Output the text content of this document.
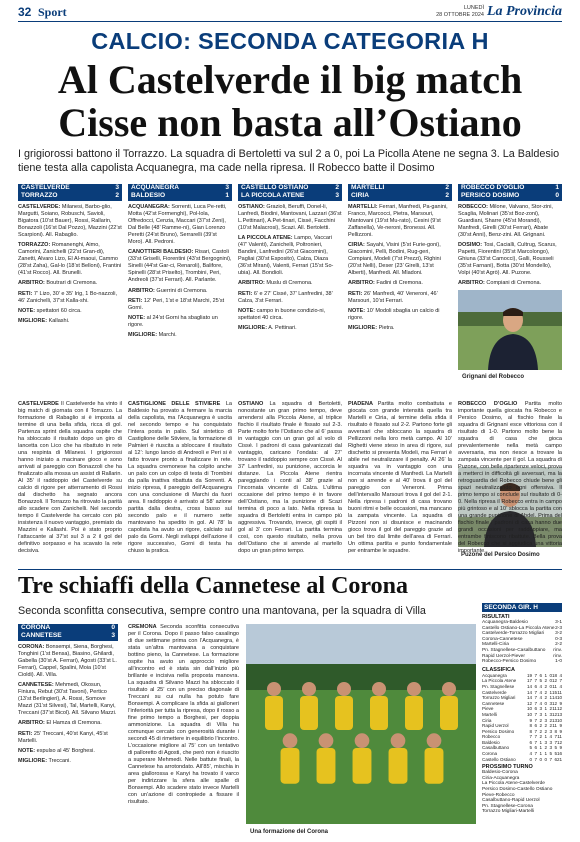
32 Sport	LUNEDÌ
28 OTTOBRE 2024 La Provincia
CALCIO: SECONDA CATEGORIA H
Al Castelverde il big match
Cisse non basta all’Ostiano
I grigiorossi battono il Torrazzo. La squadra di Bertoletti va sul 2 a 0, poi La Picolla Atene ne segna 3. La Baldesio tiene testa alla capolista Acquanegra, ma cade nella ripresa. Il Robecco batte il Dosimo
CASTELVERDE	3
TORRAZZO	2

CASTELVERDE: Milanesi, Barbo-glio, Margutti, Soiano, Robuschi, Savioli, Bigatora (10’st Bauer), Rossi, Rallarin, Bonazzoli (16’st Dal Pozzo), Mazzini (22’st Scarpioni). All. Rabaglio.

TORRAZZO: Romanenghi, Aimo, Camorini, Zanichelli (22’st Gran-di), Zanetti, Alvaro Lizo, El Al-maoui, Cammo (28’st Zaha), Gal-lo (18’st Belloni), Frantini (41’st Rocco). All. Brunelli.

ARBITRO: Boutrari di Cremona.

RETI: 7’ Lizo, 30’ e 35’ Irig, 1 Bo-nazzoli, 46’ Zanichelli, 37’st Kalla-shi.

NOTE: spettatori 60 circa.

MIGLIORE: Kallashi.

ACQUANEGRA	3
BALDESIO	1

ACQUANEGRA: Sorrenti, Luca Pe-retti, Motta (42’st Formenghi), Pol-lola, Offredocci, Cenzia, Maccari (37’st Zeni), Dal Belle (48’ Ramme-ni), Gian Lorenzo Peretti (24’st Bruno), Serrarelli (39’st Moro). All. Pedroni.

CANOTTIERI BALDESIO: Risari, Castoli (33’st Griselli, Fiorentini (43’st Bergognini), Sinelli (44’st Gar-ci, Renaroli), Balifore, Spinelli (28’st Priselto), Trombini, Peri, Andreoli (37’st Ferrari). All. Parlante.

ARBITRO: Guerrini di Cremona.

RETI: 12’ Peri, 1’st e 18’st Marchi, 25’st Gorni.

NOTE: al 24’st Gorni ha sbagliato un rigore.

MIGLIORE: Marchi.

CASTELLO OSTIANO	2
LA PICCOLA ATENE	3

OSTIANO: Grazioli, Beruffi, Donel-li, Lanfredi, Biodini, Mantovani, Lazzari (36’st L.Pettinari), A.Pet-tinari, Cissé, Facchini (10’st Malacrosi), Scazi. All. Bertoletti.

LA PICCOLA ATENE: Lampo, Vaccari (47’ Valenti), Zanichelli, Poltronieri, Bandini, Lanfredini (26’st Giacomini), Pagliai (30’st Esposito), Calza, Diaza (36’st Mirani), Valenti, Ferrari (15’st So-ubia). All. Bondioli.

ARBITRO: Muslu di Cremona.

RETI: 6’ e 27’ Cissé, 37’ Lanfredini, 38’ Calza, 3’st Ferrari.

NOTE: campo in buone condizio-ni, spettatori 40 circa.

MIGLIORE: A. Pettinari.

MARTELLI	2
CIRIA	2

MARTELLI: Ferrari, Manfredi, Pa-ganini, Franco, Marcocci, Pietra, Marsouri, Mantovani (19’st Mu-rato), Cesini (9’st Zaffanella), Ve-neroni, Bronessi. All. Pellizzoni.

CIRIA: Sayahi, Visini (5’st Furie-goni), Giacomini, Pelli, Bodini, Rug-geri, Compiani, Modeli (7’st Prezzi), Righini (20’st Nelli), Deser (23’ Girelli, 13’st Alberti), Manfredi. All. Mladoni.

ARBITRO: Fadini di Cremona.

RETI: 26’ Manfredi, 40’ Veneroni, 46’ Marsouri, 10’st Ferrari.

NOTE: 10’ Modoli sbaglia un calcio di rigore.

MIGLIORE: Pietra.

ROBECCO D’OGLIO	1
PERSICO DOSIMO	0

ROBECCO: Milone, Valvano, Stor-zini, Scaglia, Molinari (35’st Boz-zoni), Guardiani, Sharre (45’st Morandi), Manfredi, Girelli (30’st Ferrari), Abate (30’st Anni), Benz-zini. All. Grignani.

DOSIMO: Tosi, Cacialli, Cultrug, Scarus, Papetti, Fiorentini (35’st Marcolongo), Ghiuna (33’st Camocci), Galli, Rousseli (35’st Farnani), Botta (30’st Mondello), Volpi (40’st Agrò). All. Puzone.

ARBITRO: Compiani di Cremona.

Grignani del Robecco
Puzone del Persico Dosimo
CASTELVERDE Il Castelverde ha vinto il big match di giornata con il Torrazzo. La formazione di Rabaglio si è imposta al termine di una bella sfida, ricca di gol. Partenza sprint della squadra ospite che ha sbloccato il risultato dopo un giro di lancetta con Lico che ha ribattuto in rete una respinta di Milanesi. I grigiorossi hanno iniziato a macinare gioco e sono arrivati al pareggio con Bonazzoli che ha finalizzato alla mossa un assist di Rallarin. Al 35’ il raddoppio del Castelverde su calcio di rigore per atterramento di Rossi dal dischetto ha segnato ancora Bonazzoli. Il Torrazzo ha ritrovato la parità allo scadere con Zanichelli. Nel secondo tempo il Castelverde ha cercato con più insistenza il nuovo vantaggio, premiato da Mazzini e Kallashi. Poi è stato proprio l’attaccante al 37’st sul 3 a 2 il gol del definitivo sorpasso e ha scavato la rete decisiva.
CASTIGLIONE DELLE STIVIERE La Baldesio ha provato a fermare la marcia della capolista, ma l’Acquanegra è uscita nel secondo tempo e ha conquistato l’intera posta in palio. Sul sintetico di Castiglione delle Stiviere, la formazione di Palmieri è riuscita a sbloccare il risultato al 12’: lungo lancio di Andreoli e Peri si è fatto trovare pronto a finalizzare in rete. La squadra cremonese ha colpito anche un palo con un colpo di testa di Trombini da palla inattiva ribattuta da Sorrenti. A inizio ripresa, il pareggio dell’Acquanegra con una conclusione di Marchi da fuori area. Il raddoppio è arrivato al 58’ azione partita dalla destra, cross basso sul secondo palo e il numero sette mantovano ha spedito in gol. Al 78’ la capolista ha avuto un rigore, calciato sul palo da Gorni. Negli sviluppi dell’azione il rigore successivo, Gorni di testa ha chiuso la pratica.
OSTIANO La squadra di Bertoletti, nonostante un gran primo tempo, deve arrendersi alla Piccola Atene, al triplice fischio il risultato finale è fissato sul 2-3. Parte molto forte l’Ostiano che al 6’ passa in vantaggio con un gran gol al volo di Cissé. I padroni di casa galvanizzati dal vantaggio, caricano l’ondata: al 27’ trovano il raddoppio sempre con Cissé. Al 37’ Lanfredini, su punizione, accorcia le distanze. La Piccola Atene rientra pareggiando i conti al 38’ grazie al l’incornata vincente di Calza. L’ultima occasione del primo tempo è in favore dell’Ostiano, ma la punizione di Scazi termina di poco a lato. Nella ripresa la squadra di Bertoletti entra in campo più aggressiva. Trovando, invece, gli ospiti il gol al 3’ con Ferrari. La partita termina così, con questo risultato, nella prova dell’Ostiano che si arrende al martello dopo un gran primo tempo.
PIADENA Partita molto combattuta e giocata con grande intensità quella tra Martelli e Ciria, al termine della sfida il risultato è fissato sul 2-2. Partono forte gli avversari che sbloccano la squadra di Pellizzoni nella loro metà campo. Al 10’ Righetti viene steso in area di rigore, sul dischetto si presenta Modeli, ma Ferrari è abile nel neutralizzare il penalty. Al 26’ la squadra va in vantaggio con una incornata vincente di Manfredi. La Martelli non si arrende e al 40’ trova il gol del pareggio con Veneroni. Prima dell’intervallo Marsouri trova il gol del 2-1. Nella ripresa i padroni di casa trovano buoni ritmi e belle occasioni, ma mancano la zampata vincente. La squadra di Pizzoni non si disunisce e macinando gioco trova il gol del pareggio grazie ad un bel tiro dal limite dell’area di Ferrari. Un ottima partita e punto fondamentale per entrambe le squadre.
ROBECCO D’OGLIO Partita molto importante quella giocata fra Robecco e Persico Dosimo, al fischio finale la squadra di Grignani esce vittoriosa con il risultato di 1-0. Partono molto bene la squadra di casa che gioca prevalentemente nella metà campo avversaria, ma non riesce a trovare la zampata vincente per il gol. La squadra di Puzone, con belle ripartenze veloci, prova a metterci in difficoltà gli avversari, ma la retroguardia del Robecco chiude bene gli spazi neutralizzando ogni offensiva. Il primo tempo si conclude sul risultato di 0-0. Nella ripresa il Robecco entra in campo più grintoso e al 10’ sblocca la partita con una grande punizione di Abdel. Prima del fischio finale i padroni di casa hanno due grandi occasioni per raddoppiare, ma entrambe finiscono ribattute. Bella prova del Robecco che si aggiudica una vittoria importante.
Tre schiaffi della Cannetese al Corona
Seconda sconfitta consecutiva, sempre contro una mantovana, per la squadra di Villa
CORONA	0
CANNETESE	3

CORONA: Bonsempi, Siena, Borghesi, Tonghini (1’st Bensa), Biasino, Ghilardi, Gabella (30’st A. Ferrari), Agosti (33’st L. Ferrari), Cappel, Spalini, Moia (10’st Cioldi). All. Villa.

CANNETESE: Mehmedi, Okosun, Finiura, Rebut (30’st Tavoni), Pertico (13’st Berlingieri), A. Rossi, Somove Mazzi (31’st Silvesi), Tal, Martelli, Kanyi, Treccani (37’st Bicol). All. Silvano Mazzi.

ARBITRO: El Hamza di Cremona.

RETI: 25’ Treccani, 40’st Kanyi, 45’st Martelli.

NOTE: espulso al 45’ Borghesi.

MIGLIORE: Treccani.

CREMONA Seconda sconfitta consecutiva per il Corona. Dopo il passo falso casalingo di due settimane prima con l’Acquanegra, è stata un’altra mantovana a conquistare bottino pieno, la Cannetese. La formazione ospite ha avuto un approccio migliore all’incontro ed è stata sin dall’inizio più brillante e incisiva nella proposta manovra. La squadra di Silvano Mazzi ha sbloccato il risultato al 25’ con un preciso diagonale di Treccani su cui nulla ha potuto fare Bonsempi. A complicare la sfida ai gialloneri l’inferiorità per tutta la ripresa, dopo il rosso a fine primo tempo a Borghesi, per doppia ammonizione. La squadra di Villa ha comunque cercato con generosità durante i secondi 45 di rimettere in equilibrio l’incontro. L’occasione migliore al 75’ con un tentativo di palloretto di Agosti, che però non è riuscito a superare Mehmedi. Nelle battute finali, la Cannetese ha arrotondato. All’85’, mischia in area giallorossa e Kanyi ha trovato il varco per indirizzare la sfera alle spalle di Bonsempi. Allo scadere stato invece Martelli con un’azione di contropiede a fissare il risultato.
Una formazione del Corona
SECONDA GIR. H
RISULTATI
Acquanegra-Baldesio	3-1
Castello Ostiano-La Piccola Atene 2-3
Castelverde-Torrazzo Migliari 3-2
Corona-Cannetese	0-3
Martelli-Ciria	2-2
Pn. Stagnellese-Casalbuttano rinv.
Rapid Uerzol-Piever	rinv.
Robecco-Persico Dosimo	1-0
CLASSIFICA
Acquanegra	19 7 6 1 0 18 4
La Piccola Atene	17 7 5 2 0 12 7
Pn. Stagnellese	14 6 4 2 0 11 4
Castelverde	14 7 4 2 1 15 11
Torrazzo Migliari	14 7 4 2 1 14 10
Cannetese	12 7 4 0 3 12 9
Pieve	10 6 3 1 2 11 12
Martelli	10 7 3 1 3 12 13
Ciria	9 7 2 3 2 13 10
Rapid Uerzol	8 6 2 2 2 11 9
Persico Dosimo	8 7 2 2 3 8 9
Robecco	7 7 2 1 4 7 11
Baldesio	6 7 1 3 3 7 12
Casalbuttano	5 6 1 2 3 5 9
Corona	4 7 1 1 5 5 16
Castello Ostiano	0 7 0 0 7 6 21
PROSSIMO TURNO
Baldesio-Corona
Ciria-Acquanegra
La Piccola Atene-Castelverde
Persico Dosimo-Castello Ostiano
Pieve-Robecco
Casalbuttano-Rapid Uerzol
Pn. Stagnellese-Corona
Torrazzo Migliari-Martelli
